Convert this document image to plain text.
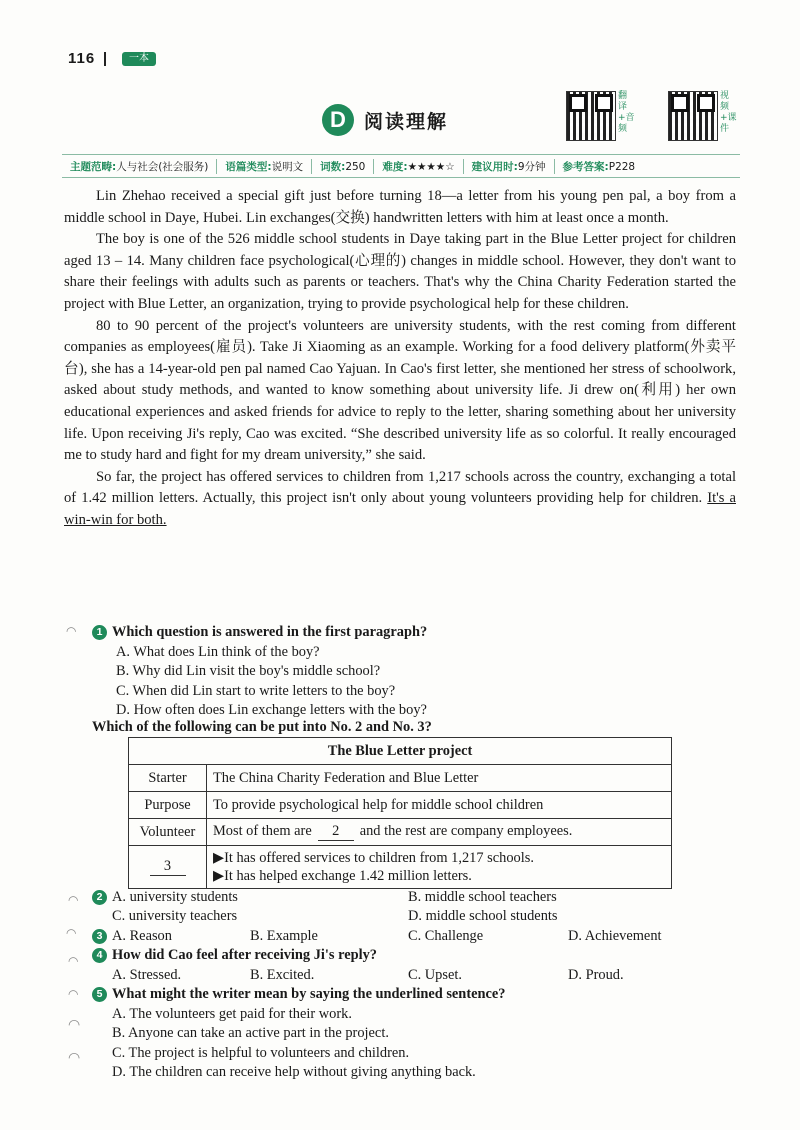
116	一本
D 阅读理解
翻译+音频
视频+课件
主题范畴:人与社会(社会服务)	语篇类型:说明文	词数:250	难度:★★★★☆	建议用时:9分钟	参考答案:P228

Lin Zhehao received a special gift just before turning 18—a letter from his young pen pal, a boy from a middle school in Daye, Hubei. Lin exchanges(交换) handwritten letters with him at least once a month.

The boy is one of the 526 middle school students in Daye taking part in the Blue Letter project for children aged 13 – 14. Many children face psychological(心理的) changes in middle school. However, they don't want to share their feelings with adults such as parents or teachers. That's why the China Charity Federation started the project with Blue Letter, an organization, trying to provide psychological help for these children.

80 to 90 percent of the project's volunteers are university students, with the rest coming from different companies as employees(雇员). Take Ji Xiaoming as an example. Working for a food delivery platform(外卖平台), she has a 14-year-old pen pal named Cao Yajuan. In Cao's first letter, she mentioned her stress of schoolwork, asked about study methods, and wanted to know something about university life. Ji drew on(利用) her own educational experiences and asked friends for advice to reply to the letter, sharing something about her university life. Upon receiving Ji's reply, Cao was excited. “She described university life as so colorful. It really encouraged me to study hard and fight for my dream university,” she said.

So far, the project has offered services to children from 1,217 schools across the country, exchanging a total of 1.42 million letters. Actually, this project isn't only about young volunteers providing help for children. It's a win-win for both.

◠	1 Which question is answered in the first paragraph?
A. What does Lin think of the boy?
B. Why did Lin visit the boy's middle school?
C. When did Lin start to write letters to the boy?
D. How often does Lin exchange letters with the boy?
Which of the following can be put into No. 2 and No. 3?
The Blue Letter project	
Starter	The China Charity Federation and Blue Letter
Purpose	To provide psychological help for middle school children
Volunteer	Most of them are 2 and the rest are company employees.
3	▶It has offered services to children from 1,217 schools.
▶It has helped exchange 1.42 million letters.
◠	2 A. university students	B. middle school teachers
C. university teachers	D. middle school students
◠	3 A. Reason	B. Example	C. Challenge	D. Achievement
◠	4 How did Cao feel after receiving Ji's reply?
A. Stressed.	B. Excited.	C. Upset.	D. Proud.
◠
◠
◠
5 What might the writer mean by saying the underlined sentence?
A. The volunteers get paid for their work.
B. Anyone can take an active part in the project.
C. The project is helpful to volunteers and children.
D. The children can receive help without giving anything back.
